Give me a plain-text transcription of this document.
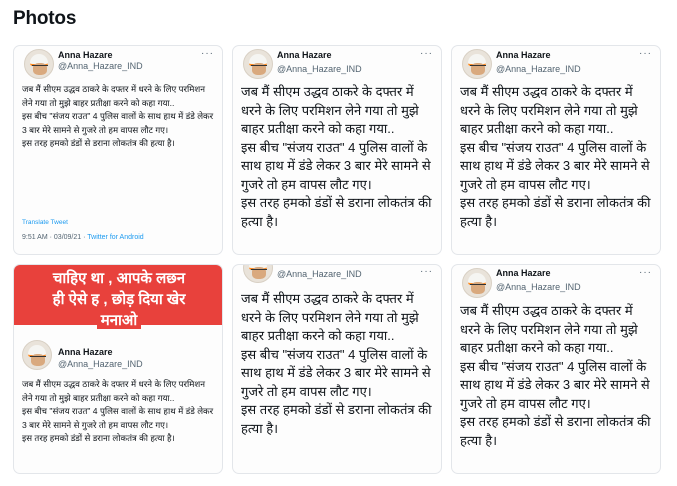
Photos
Anna Hazare
@Anna_Hazare_IND
···
जब मैं सीएम उद्धव ठाकरे के दफ्तर में धरने के लिए परमिशन लेने गया तो मुझे बाहर प्रतीक्षा करने को कहा गया..
इस बीच "संजय राउत" 4 पुलिस वालों के साथ हाथ में डंडे लेकर 3 बार मेरे सामने से गुजरे तो हम वापस लौट गए।
इस तरह हमको डंडों से डराना लोकतंत्र की हत्या है।
Translate Tweet
9:51 AM · 03/09/21 · Twitter for Android
Anna Hazare
@Anna_Hazare_IND
···
जब मैं सीएम उद्धव ठाकरे के दफ्तर में धरने के लिए परमिशन लेने गया तो मुझे बाहर प्रतीक्षा करने को कहा गया..
इस बीच "संजय राउत" 4 पुलिस वालों के साथ हाथ में डंडे लेकर 3 बार मेरे सामने से गुजरे तो हम वापस लौट गए।
इस तरह हमको डंडों से डराना लोकतंत्र की हत्या है।
Anna Hazare
@Anna_Hazare_IND
···
जब मैं सीएम उद्धव ठाकरे के दफ्तर में धरने के लिए परमिशन लेने गया तो मुझे बाहर प्रतीक्षा करने को कहा गया..
इस बीच "संजय राउत" 4 पुलिस वालों के साथ हाथ में डंडे लेकर 3 बार मेरे सामने से गुजरे तो हम वापस लौट गए।
इस तरह हमको डंडों से डराना लोकतंत्र की हत्या है।
चाहिए था , आपके लछन
ही ऐसे ह , छोड़ दिया खेर
मनाओ
Anna Hazare
@Anna_Hazare_IND
जब मैं सीएम उद्धव ठाकरे के दफ्तर में धरने के लिए परमिशन लेने गया तो मुझे बाहर प्रतीक्षा करने को कहा गया..
इस बीच "संजय राउत" 4 पुलिस वालों के साथ हाथ में डंडे लेकर 3 बार मेरे सामने से गुजरे तो हम वापस लौट गए।
इस तरह हमको डंडों से डराना लोकतंत्र की हत्या है।
@Anna_Hazare_IND	···
जब मैं सीएम उद्धव ठाकरे के दफ्तर में धरने के लिए परमिशन लेने गया तो मुझे बाहर प्रतीक्षा करने को कहा गया..
इस बीच "संजय राउत" 4 पुलिस वालों के साथ हाथ में डंडे लेकर 3 बार मेरे सामने से गुजरे तो हम वापस लौट गए।
इस तरह हमको डंडों से डराना लोकतंत्र की हत्या है।
Anna Hazare
@Anna_Hazare_IND
···
जब मैं सीएम उद्धव ठाकरे के दफ्तर में धरने के लिए परमिशन लेने गया तो मुझे बाहर प्रतीक्षा करने को कहा गया..
इस बीच "संजय राउत" 4 पुलिस वालों के साथ हाथ में डंडे लेकर 3 बार मेरे सामने से गुजरे तो हम वापस लौट गए।
इस तरह हमको डंडों से डराना लोकतंत्र की हत्या है।
